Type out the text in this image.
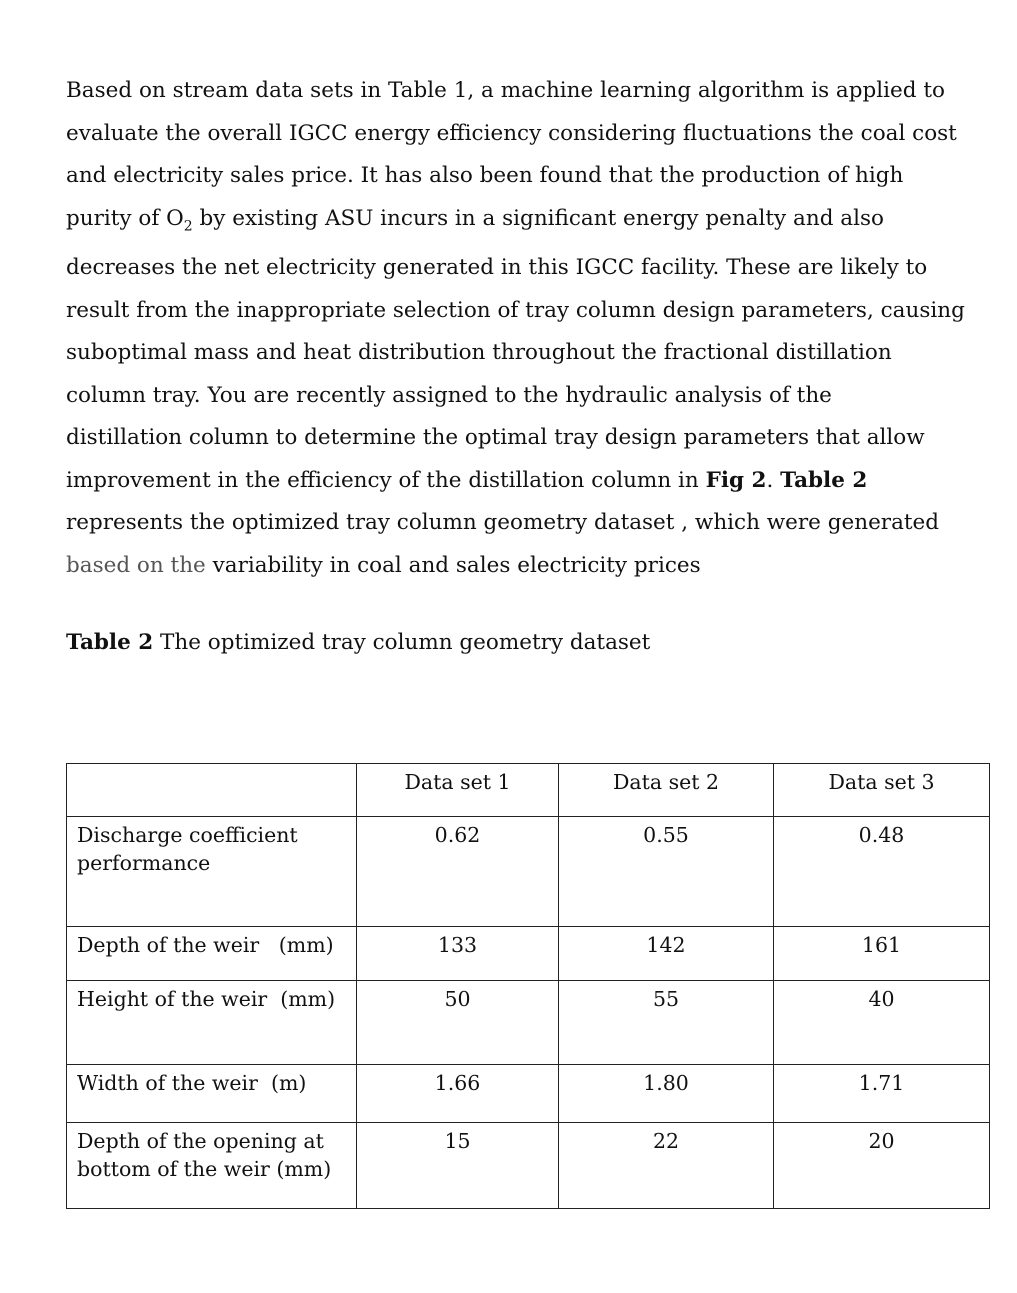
Based on stream data sets in Table 1, a machine learning algorithm is applied to
evaluate the overall IGCC energy efficiency considering fluctuations the coal cost
and electricity sales price. It has also been found that the production of high
purity of $O_2$ by existing ASU incurs in a significant energy penalty and also
decreases the net electricity generated in this IGCC facility. These are likely to
result from the inappropriate selection of tray column design parameters, causing
suboptimal mass and heat distribution throughout the fractional distillation
column tray. You are recently assigned to the hydraulic analysis of the
distillation column to determine the optimal tray design parameters that allow
improvement in the efficiency of the distillation column in Fig 2. Table 2
represents the optimized tray column geometry dataset , which were generated
based on the variability in coal and sales electricity prices

Table 2 The optimized tray column geometry dataset

	Data set 1	Data set 2	Data set 3
Discharge coefficient performance	0.62	0.55	0.48
Depth of the weir   (mm)	133	142	161
Height of the weir  (mm)	50	55	40
Width of the weir  (m)	1.66	1.80	1.71
Depth of the opening at bottom of the weir (mm)	15	22	20
